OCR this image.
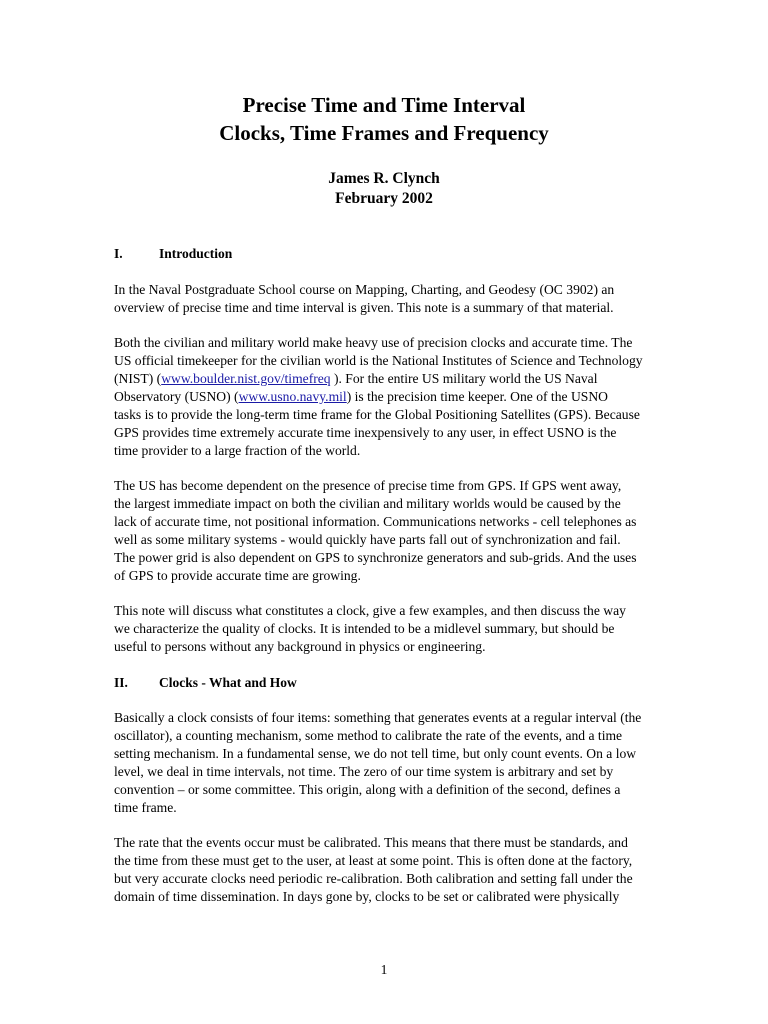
Precise Time and Time Interval
Clocks, Time Frames and Frequency

James R. Clynch

February 2002

I.	Introduction

In the Naval Postgraduate School course on Mapping, Charting, and Geodesy (OC 3902) an
overview of precise time and time interval is given. This note is a summary of that material.

Both the civilian and military world make heavy use of precision clocks and accurate time. The
US official timekeeper for the civilian world is the National Institutes of Science and Technology
(NIST) (www.boulder.nist.gov/timefreq ). For the entire US military world the US Naval
Observatory (USNO) (www.usno.navy.mil) is the precision time keeper. One of the USNO
tasks is to provide the long-term time frame for the Global Positioning Satellites (GPS). Because
GPS provides time extremely accurate time inexpensively to any user, in effect USNO is the
time provider to a large fraction of the world.

The US has become dependent on the presence of precise time from GPS. If GPS went away,
the largest immediate impact on both the civilian and military worlds would be caused by the
lack of accurate time, not positional information. Communications networks - cell telephones as
well as some military systems - would quickly have parts fall out of synchronization and fail.
The power grid is also dependent on GPS to synchronize generators and sub-grids. And the uses
of GPS to provide accurate time are growing.

This note will discuss what constitutes a clock, give a few examples, and then discuss the way
we characterize the quality of clocks. It is intended to be a midlevel summary, but should be
useful to persons without any background in physics or engineering.

II. Clocks - What and How

Basically a clock consists of four items: something that generates events at a regular interval (the
oscillator), a counting mechanism, some method to calibrate the rate of the events, and a time
setting mechanism. In a fundamental sense, we do not tell time, but only count events. On a low
level, we deal in time intervals, not time. The zero of our time system is arbitrary and set by
convention – or some committee. This origin, along with a definition of the second, defines a
time frame.

The rate that the events occur must be calibrated. This means that there must be standards, and
the time from these must get to the user, at least at some point. This is often done at the factory,
but very accurate clocks need periodic re-calibration. Both calibration and setting fall under the
domain of time dissemination. In days gone by, clocks to be set or calibrated were physically

1
